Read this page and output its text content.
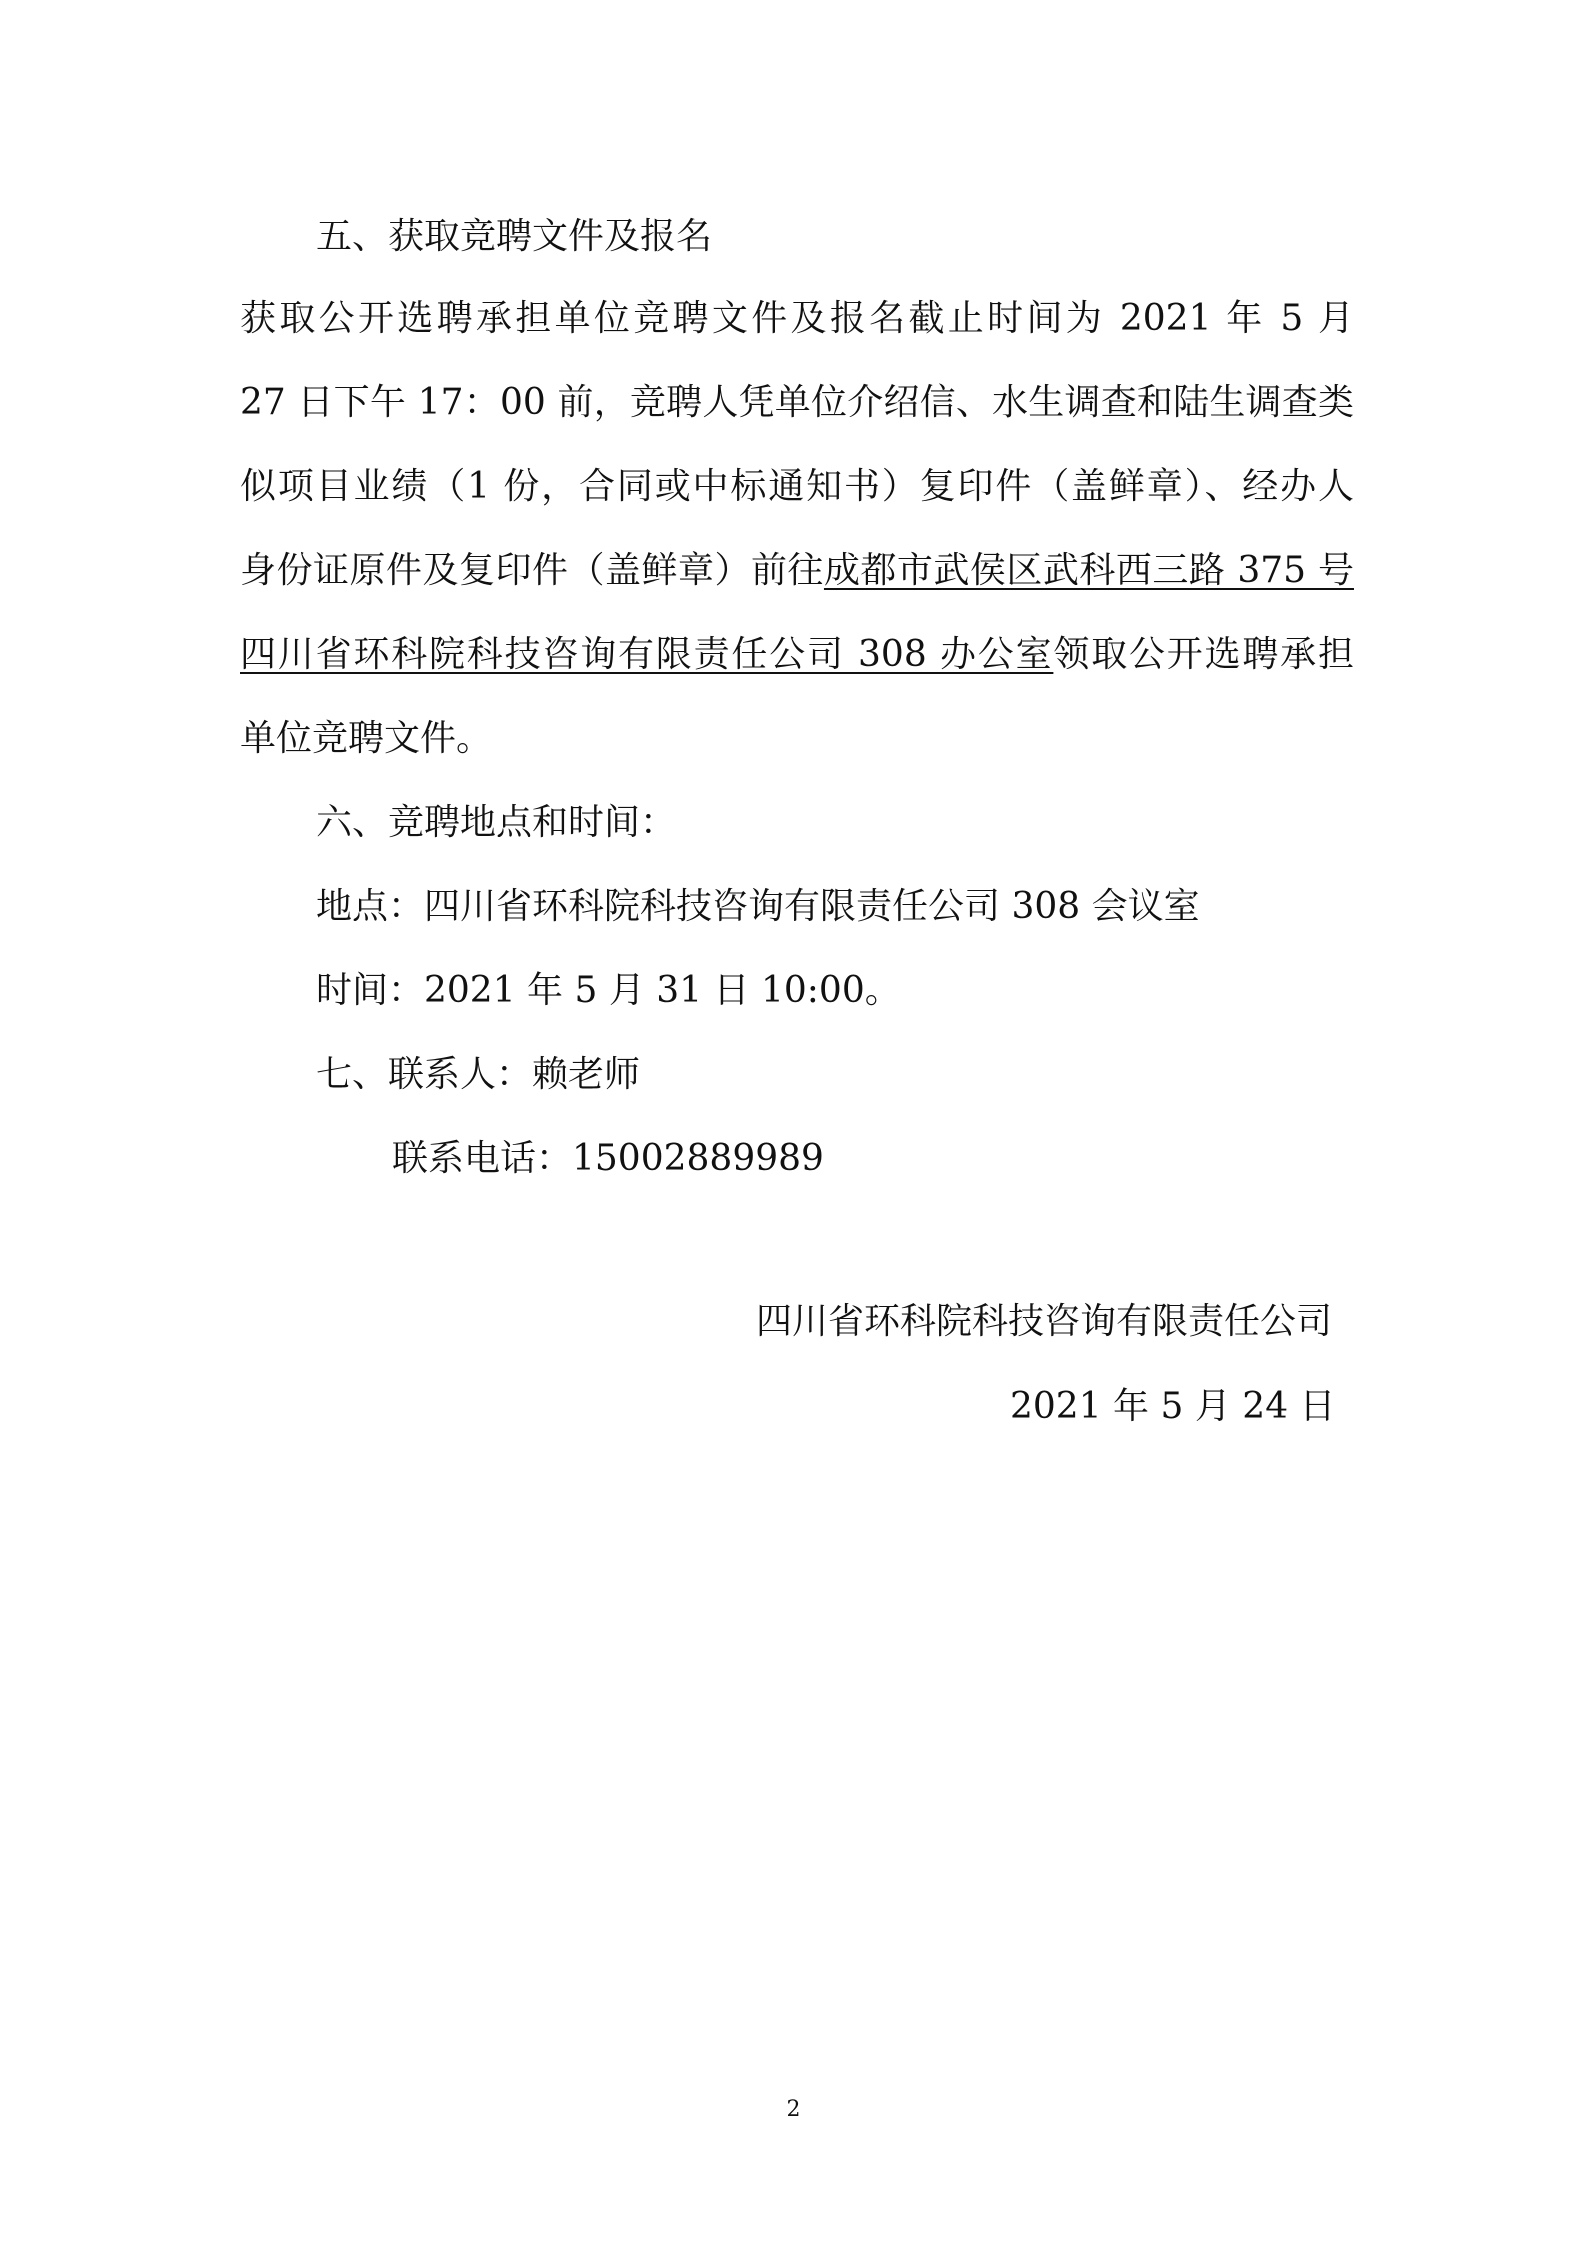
五、获取竞聘文件及报名

获取公开选聘承担单位竞聘文件及报名截止时间为 2021 年 5 月

27 日下午 17：00 前，竞聘人凭单位介绍信、水生调查和陆生调查类

似项目业绩（1 份，合同或中标通知书）复印件（盖鲜章）、经办人

身份证原件及复印件（盖鲜章）前往成都市武侯区武科西三路 375 号

四川省环科院科技咨询有限责任公司 308 办公室领取公开选聘承担

单位竞聘文件。

六、竞聘地点和时间：

地点：四川省环科院科技咨询有限责任公司 308 会议室

时间：2021 年 5 月 31 日 10:00。

七、联系人：赖老师

联系电话：15002889989

四川省环科院科技咨询有限责任公司

2021 年 5 月 24 日

2
